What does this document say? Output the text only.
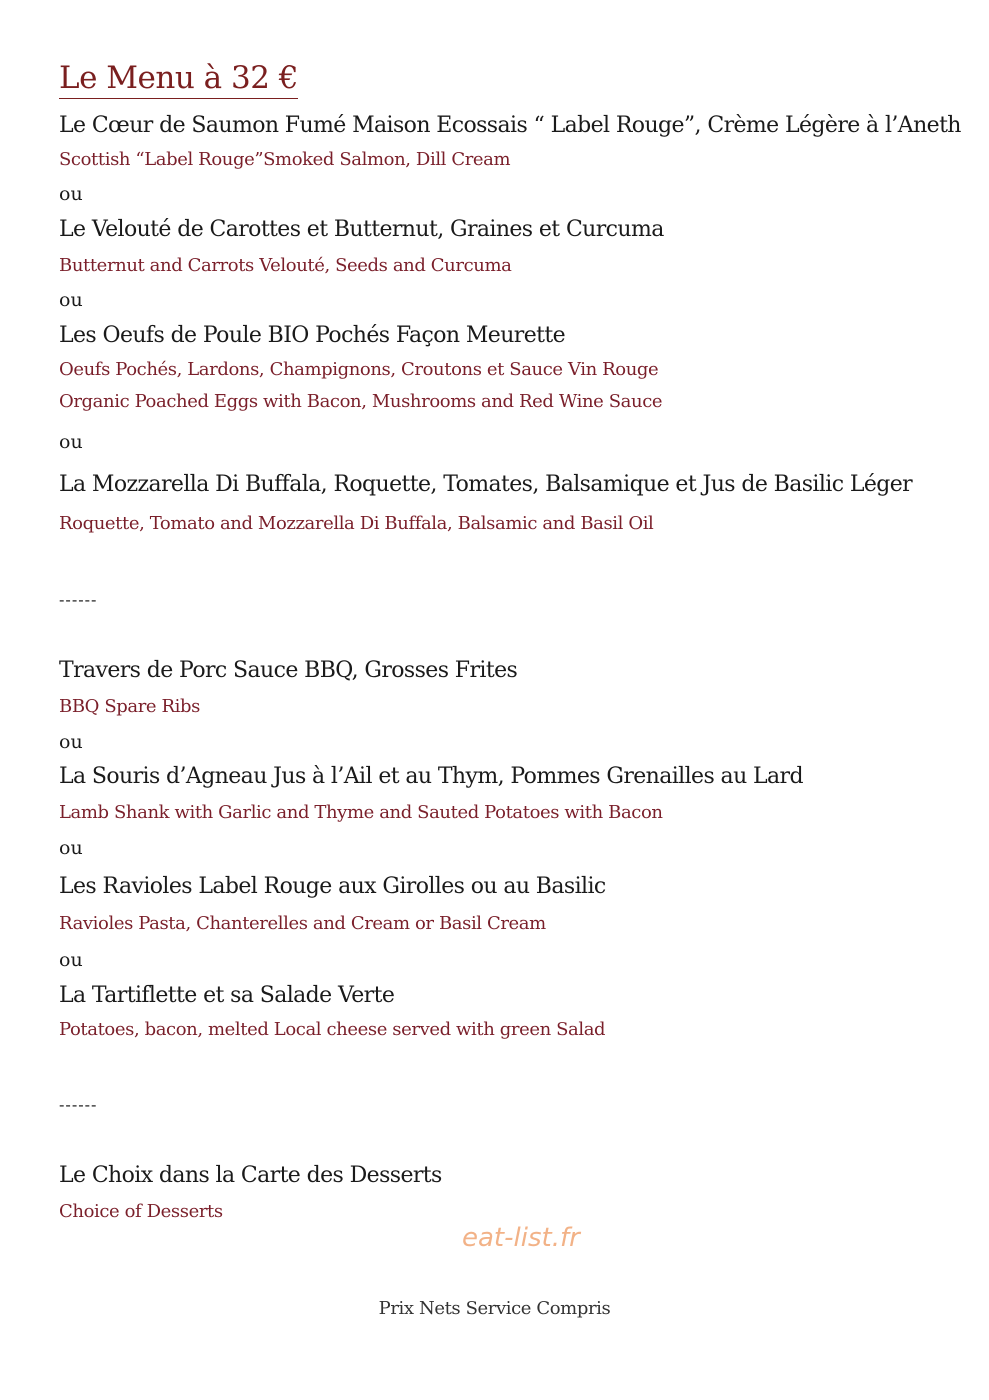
Le Menu à 32 €
Le Cœur de Saumon Fumé Maison Ecossais “ Label Rouge”, Crème Légère à l’Aneth
Scottish “Label Rouge”Smoked Salmon, Dill Cream
ou
Le Velouté de Carottes et Butternut, Graines et Curcuma
Butternut and Carrots Velouté, Seeds and Curcuma
ou
Les Oeufs de Poule BIO Pochés Façon Meurette
Oeufs Pochés, Lardons, Champignons, Croutons et Sauce Vin Rouge
Organic Poached Eggs with Bacon, Mushrooms and Red Wine Sauce
ou
La Mozzarella Di Buffala, Roquette, Tomates, Balsamique et Jus de Basilic Léger
Roquette, Tomato and Mozzarella Di Buffala, Balsamic and Basil Oil
------
Travers de Porc Sauce BBQ, Grosses Frites
BBQ Spare Ribs
ou
La Souris d’Agneau Jus à l’Ail et au Thym, Pommes Grenailles au Lard
Lamb Shank with Garlic and Thyme and Sauted Potatoes with Bacon
ou
Les Ravioles Label Rouge aux Girolles ou au Basilic
Ravioles Pasta, Chanterelles and Cream or Basil Cream
ou
La Tartiflette et sa Salade Verte
Potatoes, bacon, melted Local cheese served with green Salad
------
Le Choix dans la Carte des Desserts
Choice of Desserts
eat-list.fr
Prix Nets Service Compris
